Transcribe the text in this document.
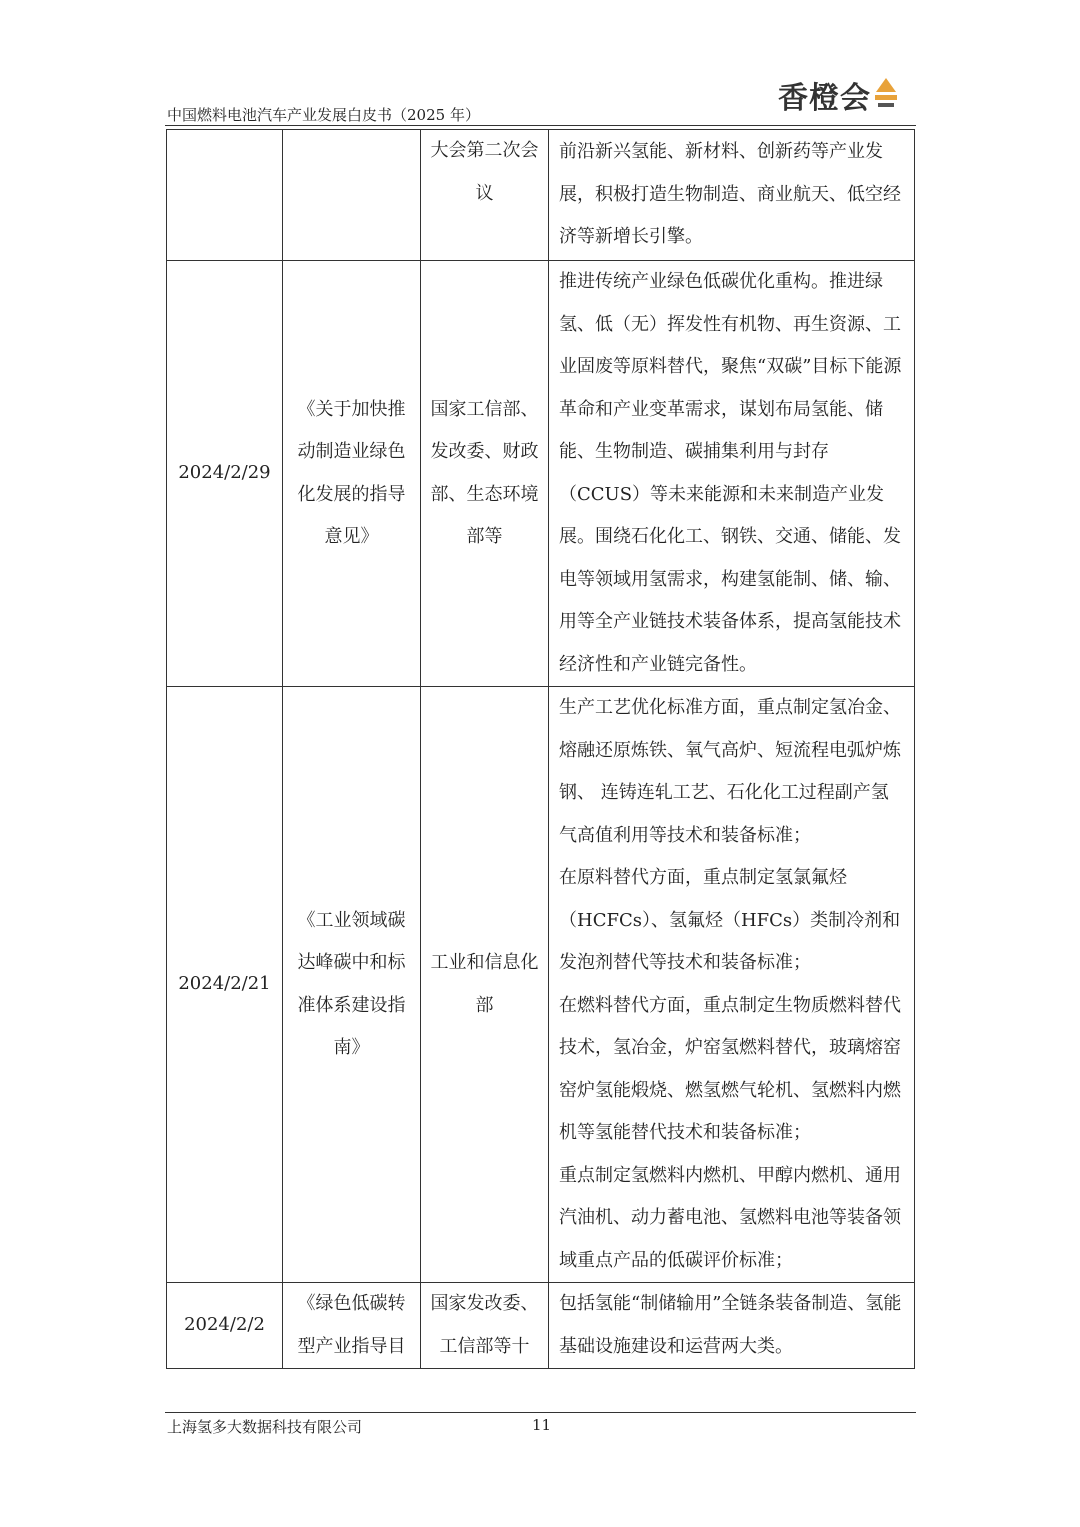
中国燃料电池汽车产业发展白皮书（2025 年）	香橙会
		大会第二次会议	前沿新兴氢能、新材料、创新药等产业发展，积极打造生物制造、商业航天、低空经济等新增长引擎。

2024/2/29	《关于加快推动制造业绿色化发展的指导意见》	国家工信部、发改委、财政部、生态环境部等	推进传统产业绿色低碳优化重构。推进绿氢、低（无）挥发性有机物、再生资源、工业固废等原料替代，聚焦“双碳”目标下能源革命和产业变革需求，谋划布局氢能、储能、生物制造、碳捕集利用与封存（CCUS）等未来能源和未来制造产业发展。围绕石化化工、钢铁、交通、储能、发电等领域用氢需求，构建氢能制、储、输、用等全产业链技术装备体系，提高氢能技术经济性和产业链完备性。

2024/2/21	《工业领域碳达峰碳中和标准体系建设指南》	工业和信息化部	生产工艺优化标准方面，重点制定氢冶金、熔融还原炼铁、氧气高炉、短流程电弧炉炼钢、 连铸连轧工艺、石化化工过程副产氢气高值利用等技术和装备标准；
在原料替代方面，重点制定氢氯氟烃（HCFCs）、氢氟烃（HFCs）类制冷剂和发泡剂替代等技术和装备标准；
在燃料替代方面，重点制定生物质燃料替代技术，氢冶金，炉窑氢燃料替代，玻璃熔窑窑炉氢能煅烧、燃氢燃气轮机、氢燃料内燃机等氢能替代技术和装备标准；
重点制定氢燃料内燃机、甲醇内燃机、通用汽油机、动力蓄电池、氢燃料电池等装备领域重点产品的低碳评价标准；

2024/2/2	《绿色低碳转型产业指导目	国家发改委、工信部等十	包括氢能“制储输用”全链条装备制造、氢能基础设施建设和运营两大类。
上海氢多大数据科技有限公司	11
